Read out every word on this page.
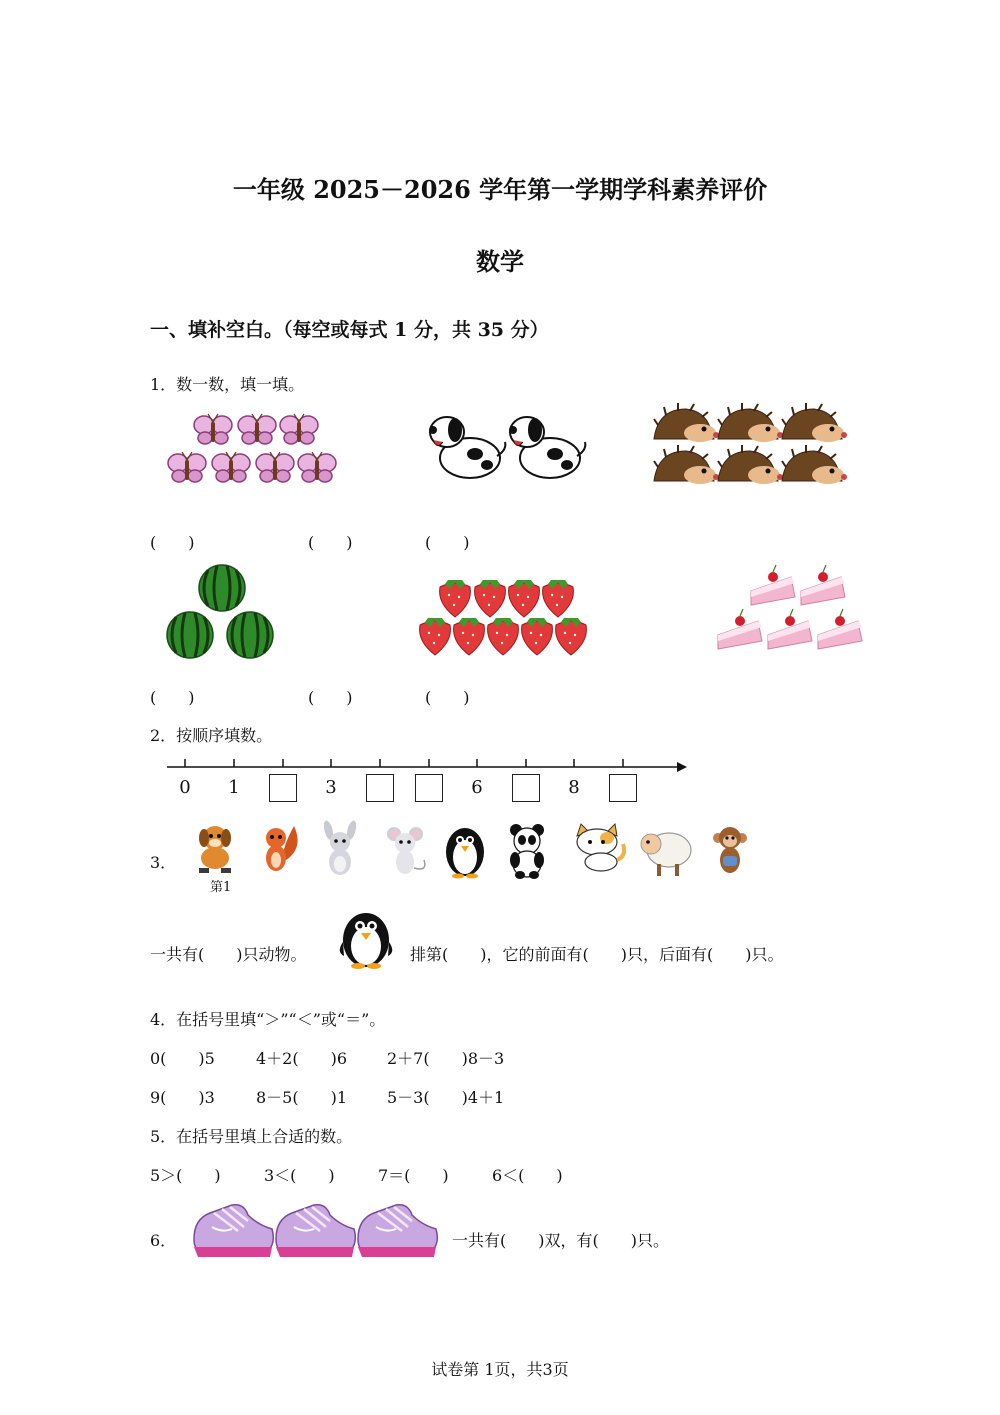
一年级 2025－2026 学年第一学期学科素养评价
数学
一、填补空白。（每空或每式 1 分，共 35 分）
1．数一数，填一填。
(　　)	(　　)	(　　)
(　　)	(　　)	(　　)
2．按顺序填数。
0 1	3	6	8
3．
第1
一共有(　　)只动物。	排第(　　)，它的前面有(　　)只，后面有(　　)只。
4．在括号里填“＞”“＜”或“＝”。
0(　　)5	4＋2(　　)6 2＋7(　　)8－3
9(　　)3	8－5(　　)1 5－3(　　)4＋1
5．在括号里填上合适的数。
5＞(　　)	3＜(　　)	7＝(　　)	6＜(　　)
6．	一共有(　　)双，有(　　)只。
试卷第 1页，共3页
